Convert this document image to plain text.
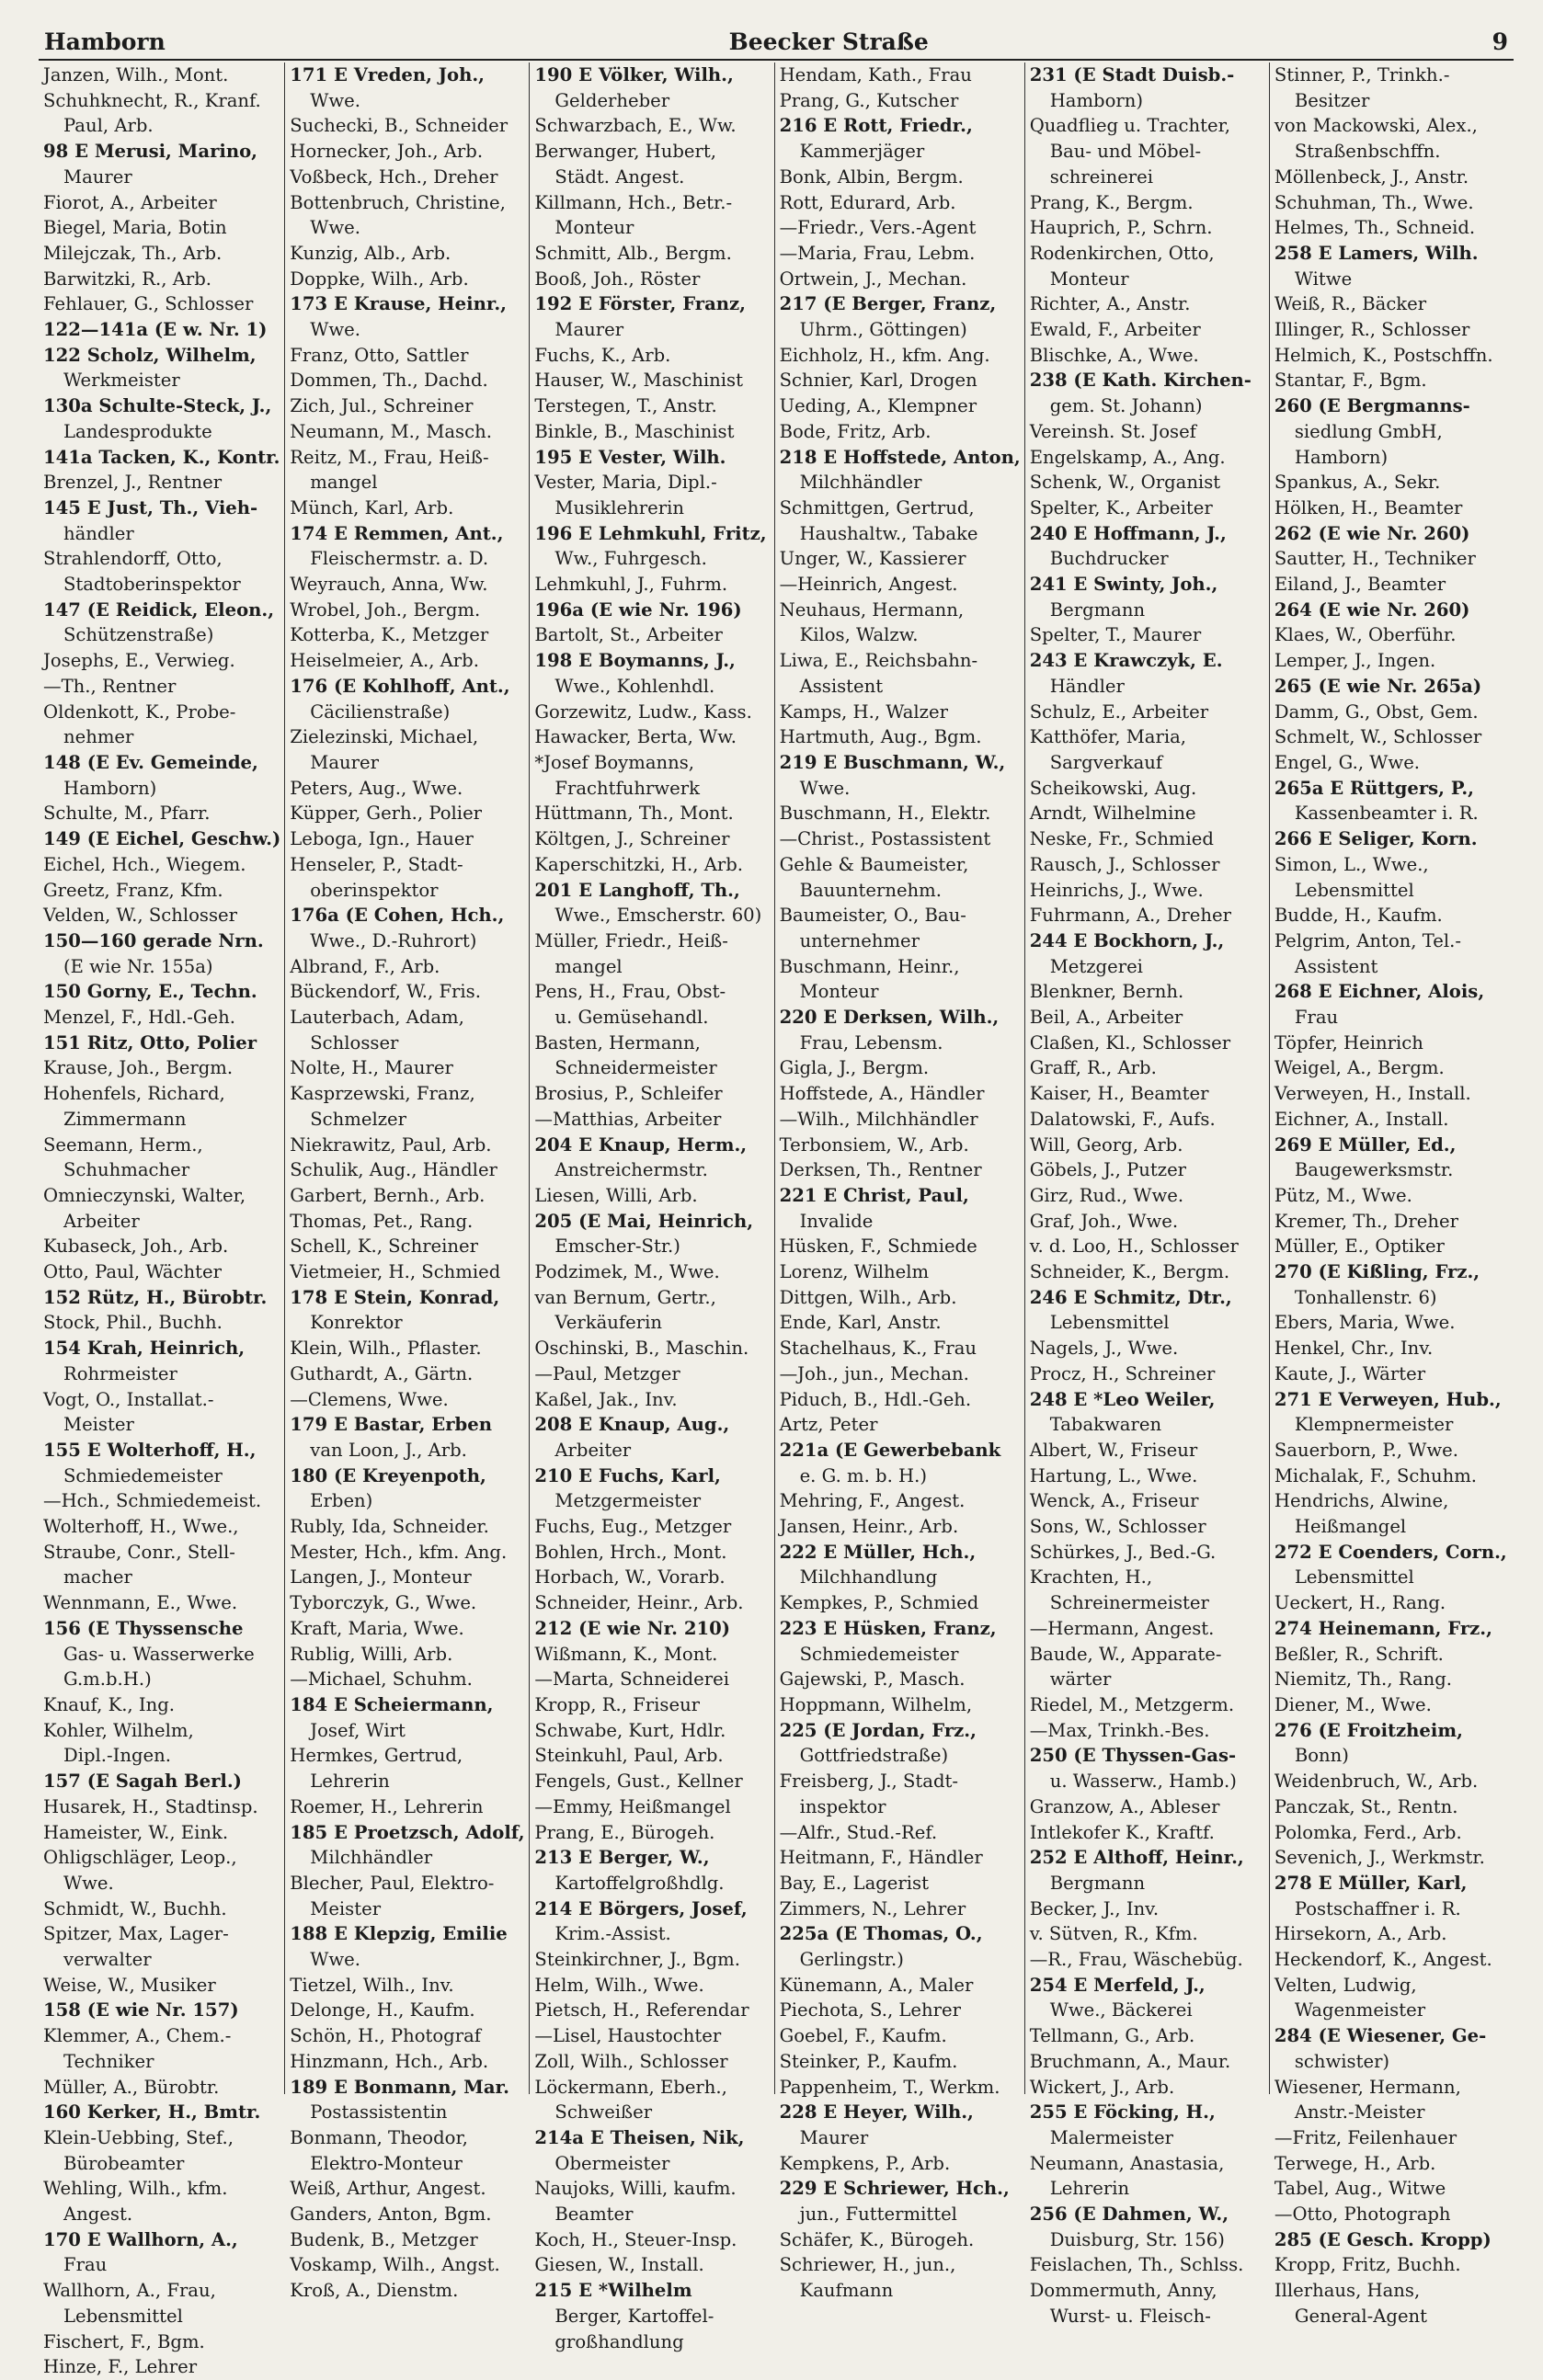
Hamborn	Beecker Straße	9
Janzen, Wilh., Mont.
Schuhknecht, R., Kranf.
Paul, Arb.
98 E Merusi, Marino,
Maurer
Fiorot, A., Arbeiter
Biegel, Maria, Botin
Milejczak, Th., Arb.
Barwitzki, R., Arb.
Fehlauer, G., Schlosser
122—141a (E w. Nr. 1)
122 Scholz, Wilhelm,
Werkmeister
130a Schulte-Steck, J.,
Landesprodukte
141a Tacken, K., Kontr.
Brenzel, J., Rentner
145 E Just, Th., Vieh-
händler
Strahlendorff, Otto,
Stadtoberinspektor
147 (E Reidick, Eleon.,
Schützenstraße)
Josephs, E., Verwieg.
—Th., Rentner
Oldenkott, K., Probe-
nehmer
148 (E Ev. Gemeinde,
Hamborn)
Schulte, M., Pfarr.
149 (E Eichel, Geschw.)
Eichel, Hch., Wiegem.
Greetz, Franz, Kfm.
Velden, W., Schlosser
150—160 gerade Nrn.
(E wie Nr. 155a)
150 Gorny, E., Techn.
Menzel, F., Hdl.-Geh.
151 Ritz, Otto, Polier
Krause, Joh., Bergm.
Hohenfels, Richard,
Zimmermann
Seemann, Herm.,
Schuhmacher
Omnieczynski, Walter,
Arbeiter
Kubaseck, Joh., Arb.
Otto, Paul, Wächter
152 Rütz, H., Bürobtr.
Stock, Phil., Buchh.
154 Krah, Heinrich,
Rohrmeister
Vogt, O., Installat.-
Meister
155 E Wolterhoff, H.,
Schmiedemeister
—Hch., Schmiedemeist.
Wolterhoff, H., Wwe.,
Straube, Conr., Stell-
macher
Wennmann, E., Wwe.
156 (E Thyssensche
Gas- u. Wasserwerke
G.m.b.H.)
Knauf, K., Ing.
Kohler, Wilhelm,
Dipl.-Ingen.
157 (E Sagah Berl.)
Husarek, H., Stadtinsp.
Hameister, W., Eink.
Ohligschläger, Leop.,
Wwe.
Schmidt, W., Buchh.
Spitzer, Max, Lager-
verwalter
Weise, W., Musiker
158 (E wie Nr. 157)
Klemmer, A., Chem.-
Techniker
Müller, A., Bürobtr.
160 Kerker, H., Bmtr.
Klein-Uebbing, Stef.,
Bürobeamter
Wehling, Wilh., kfm.
Angest.
170 E Wallhorn, A.,
Frau
Wallhorn, A., Frau,
Lebensmittel
Fischert, F., Bgm.
Hinze, F., Lehrer
171 E Vreden, Joh.,
Wwe.
Suchecki, B., Schneider
Hornecker, Joh., Arb.
Voßbeck, Hch., Dreher
Bottenbruch, Christine,
Wwe.
Kunzig, Alb., Arb.
Doppke, Wilh., Arb.
173 E Krause, Heinr.,
Wwe.
Franz, Otto, Sattler
Dommen, Th., Dachd.
Zich, Jul., Schreiner
Neumann, M., Masch.
Reitz, M., Frau, Heiß-
mangel
Münch, Karl, Arb.
174 E Remmen, Ant.,
Fleischermstr. a. D.
Weyrauch, Anna, Ww.
Wrobel, Joh., Bergm.
Kotterba, K., Metzger
Heiselmeier, A., Arb.
176 (E Kohlhoff, Ant.,
Cäcilienstraße)
Zielezinski, Michael,
Maurer
Peters, Aug., Wwe.
Küpper, Gerh., Polier
Leboga, Ign., Hauer
Henseler, P., Stadt-
oberinspektor
176a (E Cohen, Hch.,
Wwe., D.-Ruhrort)
Albrand, F., Arb.
Bückendorf, W., Fris.
Lauterbach, Adam,
Schlosser
Nolte, H., Maurer
Kasprzewski, Franz,
Schmelzer
Niekrawitz, Paul, Arb.
Schulik, Aug., Händler
Garbert, Bernh., Arb.
Thomas, Pet., Rang.
Schell, K., Schreiner
Vietmeier, H., Schmied
178 E Stein, Konrad,
Konrektor
Klein, Wilh., Pflaster.
Guthardt, A., Gärtn.
—Clemens, Wwe.
179 E Bastar, Erben
van Loon, J., Arb.
180 (E Kreyenpoth,
Erben)
Rubly, Ida, Schneider.
Mester, Hch., kfm. Ang.
Langen, J., Monteur
Tyborczyk, G., Wwe.
Kraft, Maria, Wwe.
Rublig, Willi, Arb.
—Michael, Schuhm.
184 E Scheiermann,
Josef, Wirt
Hermkes, Gertrud,
Lehrerin
Roemer, H., Lehrerin
185 E Proetzsch, Adolf,
Milchhändler
Blecher, Paul, Elektro-
Meister
188 E Klepzig, Emilie
Wwe.
Tietzel, Wilh., Inv.
Delonge, H., Kaufm.
Schön, H., Photograf
Hinzmann, Hch., Arb.
189 E Bonmann, Mar.
Postassistentin
Bonmann, Theodor,
Elektro-Monteur
Weiß, Arthur, Angest.
Ganders, Anton, Bgm.
Budenk, B., Metzger
Voskamp, Wilh., Angst.
Kroß, A., Dienstm.
190 E Völker, Wilh.,
Gelderheber
Schwarzbach, E., Ww.
Berwanger, Hubert,
Städt. Angest.
Killmann, Hch., Betr.-
Monteur
Schmitt, Alb., Bergm.
Booß, Joh., Röster
192 E Förster, Franz,
Maurer
Fuchs, K., Arb.
Hauser, W., Maschinist
Terstegen, T., Anstr.
Binkle, B., Maschinist
195 E Vester, Wilh.
Vester, Maria, Dipl.-
Musiklehrerin
196 E Lehmkuhl, Fritz,
Ww., Fuhrgesch.
Lehmkuhl, J., Fuhrm.
196a (E wie Nr. 196)
Bartolt, St., Arbeiter
198 E Boymanns, J.,
Wwe., Kohlenhdl.
Gorzewitz, Ludw., Kass.
Hawacker, Berta, Ww.
*Josef Boymanns,
Frachtfuhrwerk
Hüttmann, Th., Mont.
Költgen, J., Schreiner
Kaperschitzki, H., Arb.
201 E Langhoff, Th.,
Wwe., Emscherstr. 60)
Müller, Friedr., Heiß-
mangel
Pens, H., Frau, Obst-
u. Gemüsehandl.
Basten, Hermann,
Schneidermeister
Brosius, P., Schleifer
—Matthias, Arbeiter
204 E Knaup, Herm.,
Anstreichermstr.
Liesen, Willi, Arb.
205 (E Mai, Heinrich,
Emscher-Str.)
Podzimek, M., Wwe.
van Bernum, Gertr.,
Verkäuferin
Oschinski, B., Maschin.
—Paul, Metzger
Kaßel, Jak., Inv.
208 E Knaup, Aug.,
Arbeiter
210 E Fuchs, Karl,
Metzgermeister
Fuchs, Eug., Metzger
Bohlen, Hrch., Mont.
Horbach, W., Vorarb.
Schneider, Heinr., Arb.
212 (E wie Nr. 210)
Wißmann, K., Mont.
—Marta, Schneiderei
Kropp, R., Friseur
Schwabe, Kurt, Hdlr.
Steinkuhl, Paul, Arb.
Fengels, Gust., Kellner
—Emmy, Heißmangel
Prang, E., Bürogeh.
213 E Berger, W.,
Kartoffelgroßhdlg.
214 E Börgers, Josef,
Krim.-Assist.
Steinkirchner, J., Bgm.
Helm, Wilh., Wwe.
Pietsch, H., Referendar
—Lisel, Haustochter
Zoll, Wilh., Schlosser
Löckermann, Eberh.,
Schweißer
214a E Theisen, Nik,
Obermeister
Naujoks, Willi, kaufm.
Beamter
Koch, H., Steuer-Insp.
Giesen, W., Install.
215 E *Wilhelm
Berger, Kartoffel-
großhandlung
Hendam, Kath., Frau
Prang, G., Kutscher
216 E Rott, Friedr.,
Kammerjäger
Bonk, Albin, Bergm.
Rott, Edurard, Arb.
—Friedr., Vers.-Agent
—Maria, Frau, Lebm.
Ortwein, J., Mechan.
217 (E Berger, Franz,
Uhrm., Göttingen)
Eichholz, H., kfm. Ang.
Schnier, Karl, Drogen
Ueding, A., Klempner
Bode, Fritz, Arb.
218 E Hoffstede, Anton,
Milchhändler
Schmittgen, Gertrud,
Haushaltw., Tabake
Unger, W., Kassierer
—Heinrich, Angest.
Neuhaus, Hermann,
Kilos, Walzw.
Liwa, E., Reichsbahn-
Assistent
Kamps, H., Walzer
Hartmuth, Aug., Bgm.
219 E Buschmann, W.,
Wwe.
Buschmann, H., Elektr.
—Christ., Postassistent
Gehle & Baumeister,
Bauunternehm.
Baumeister, O., Bau-
unternehmer
Buschmann, Heinr.,
Monteur
220 E Derksen, Wilh.,
Frau, Lebensm.
Gigla, J., Bergm.
Hoffstede, A., Händler
—Wilh., Milchhändler
Terbonsiem, W., Arb.
Derksen, Th., Rentner
221 E Christ, Paul,
Invalide
Hüsken, F., Schmiede
Lorenz, Wilhelm
Dittgen, Wilh., Arb.
Ende, Karl, Anstr.
Stachelhaus, K., Frau
—Joh., jun., Mechan.
Piduch, B., Hdl.-Geh.
Artz, Peter
221a (E Gewerbebank
e. G. m. b. H.)
Mehring, F., Angest.
Jansen, Heinr., Arb.
222 E Müller, Hch.,
Milchhandlung
Kempkes, P., Schmied
223 E Hüsken, Franz,
Schmiedemeister
Gajewski, P., Masch.
Hoppmann, Wilhelm,
225 (E Jordan, Frz.,
Gottfriedstraße)
Freisberg, J., Stadt-
inspektor
—Alfr., Stud.-Ref.
Heitmann, F., Händler
Bay, E., Lagerist
Zimmers, N., Lehrer
225a (E Thomas, O.,
Gerlingstr.)
Künemann, A., Maler
Piechota, S., Lehrer
Goebel, F., Kaufm.
Steinker, P., Kaufm.
Pappenheim, T., Werkm.
228 E Heyer, Wilh.,
Maurer
Kempkens, P., Arb.
229 E Schriewer, Hch.,
jun., Futtermittel
Schäfer, K., Bürogeh.
Schriewer, H., jun.,
Kaufmann
231 (E Stadt Duisb.-
Hamborn)
Quadflieg u. Trachter,
Bau- und Möbel-
schreinerei
Prang, K., Bergm.
Hauprich, P., Schrn.
Rodenkirchen, Otto,
Monteur
Richter, A., Anstr.
Ewald, F., Arbeiter
Blischke, A., Wwe.
238 (E Kath. Kirchen-
gem. St. Johann)
Vereinsh. St. Josef
Engelskamp, A., Ang.
Schenk, W., Organist
Spelter, K., Arbeiter
240 E Hoffmann, J.,
Buchdrucker
241 E Swinty, Joh.,
Bergmann
Spelter, T., Maurer
243 E Krawczyk, E.
Händler
Schulz, E., Arbeiter
Katthöfer, Maria,
Sargverkauf
Scheikowski, Aug.
Arndt, Wilhelmine
Neske, Fr., Schmied
Rausch, J., Schlosser
Heinrichs, J., Wwe.
Fuhrmann, A., Dreher
244 E Bockhorn, J.,
Metzgerei
Blenkner, Bernh.
Beil, A., Arbeiter
Claßen, Kl., Schlosser
Graff, R., Arb.
Kaiser, H., Beamter
Dalatowski, F., Aufs.
Will, Georg, Arb.
Göbels, J., Putzer
Girz, Rud., Wwe.
Graf, Joh., Wwe.
v. d. Loo, H., Schlosser
Schneider, K., Bergm.
246 E Schmitz, Dtr.,
Lebensmittel
Nagels, J., Wwe.
Procz, H., Schreiner
248 E *Leo Weiler,
Tabakwaren
Albert, W., Friseur
Hartung, L., Wwe.
Wenck, A., Friseur
Sons, W., Schlosser
Schürkes, J., Bed.-G.
Krachten, H.,
Schreinermeister
—Hermann, Angest.
Baude, W., Apparate-
wärter
Riedel, M., Metzgerm.
—Max, Trinkh.-Bes.
250 (E Thyssen-Gas-
u. Wasserw., Hamb.)
Granzow, A., Ableser
Intlekofer K., Kraftf.
252 E Althoff, Heinr.,
Bergmann
Becker, J., Inv.
v. Sütven, R., Kfm.
—R., Frau, Wäschebüg.
254 E Merfeld, J.,
Wwe., Bäckerei
Tellmann, G., Arb.
Bruchmann, A., Maur.
Wickert, J., Arb.
255 E Föcking, H.,
Malermeister
Neumann, Anastasia,
Lehrerin
256 (E Dahmen, W.,
Duisburg, Str. 156)
Feislachen, Th., Schlss.
Dommermuth, Anny,
Wurst- u. Fleisch-
Stinner, P., Trinkh.-
Besitzer
von Mackowski, Alex.,
Straßenbschffn.
Möllenbeck, J., Anstr.
Schuhman, Th., Wwe.
Helmes, Th., Schneid.
258 E Lamers, Wilh.
Witwe
Weiß, R., Bäcker
Illinger, R., Schlosser
Helmich, K., Postschffn.
Stantar, F., Bgm.
260 (E Bergmanns-
siedlung GmbH,
Hamborn)
Spankus, A., Sekr.
Hölken, H., Beamter
262 (E wie Nr. 260)
Sautter, H., Techniker
Eiland, J., Beamter
264 (E wie Nr. 260)
Klaes, W., Oberführ.
Lemper, J., Ingen.
265 (E wie Nr. 265a)
Damm, G., Obst, Gem.
Schmelt, W., Schlosser
Engel, G., Wwe.
265a E Rüttgers, P.,
Kassenbeamter i. R.
266 E Seliger, Korn.
Simon, L., Wwe.,
Lebensmittel
Budde, H., Kaufm.
Pelgrim, Anton, Tel.-
Assistent
268 E Eichner, Alois,
Frau
Töpfer, Heinrich
Weigel, A., Bergm.
Verweyen, H., Install.
Eichner, A., Install.
269 E Müller, Ed.,
Baugewerksmstr.
Pütz, M., Wwe.
Kremer, Th., Dreher
Müller, E., Optiker
270 (E Kißling, Frz.,
Tonhallenstr. 6)
Ebers, Maria, Wwe.
Henkel, Chr., Inv.
Kaute, J., Wärter
271 E Verweyen, Hub.,
Klempnermeister
Sauerborn, P., Wwe.
Michalak, F., Schuhm.
Hendrichs, Alwine,
Heißmangel
272 E Coenders, Corn.,
Lebensmittel
Ueckert, H., Rang.
274 Heinemann, Frz.,
Beßler, R., Schrift.
Niemitz, Th., Rang.
Diener, M., Wwe.
276 (E Froitzheim,
Bonn)
Weidenbruch, W., Arb.
Panczak, St., Rentn.
Polomka, Ferd., Arb.
Sevenich, J., Werkmstr.
278 E Müller, Karl,
Postschaffner i. R.
Hirsekorn, A., Arb.
Heckendorf, K., Angest.
Velten, Ludwig,
Wagenmeister
284 (E Wiesener, Ge-
schwister)
Wiesener, Hermann,
Anstr.-Meister
—Fritz, Feilenhauer
Terwege, H., Arb.
Tabel, Aug., Witwe
—Otto, Photograph
285 (E Gesch. Kropp)
Kropp, Fritz, Buchh.
Illerhaus, Hans,
General-Agent
